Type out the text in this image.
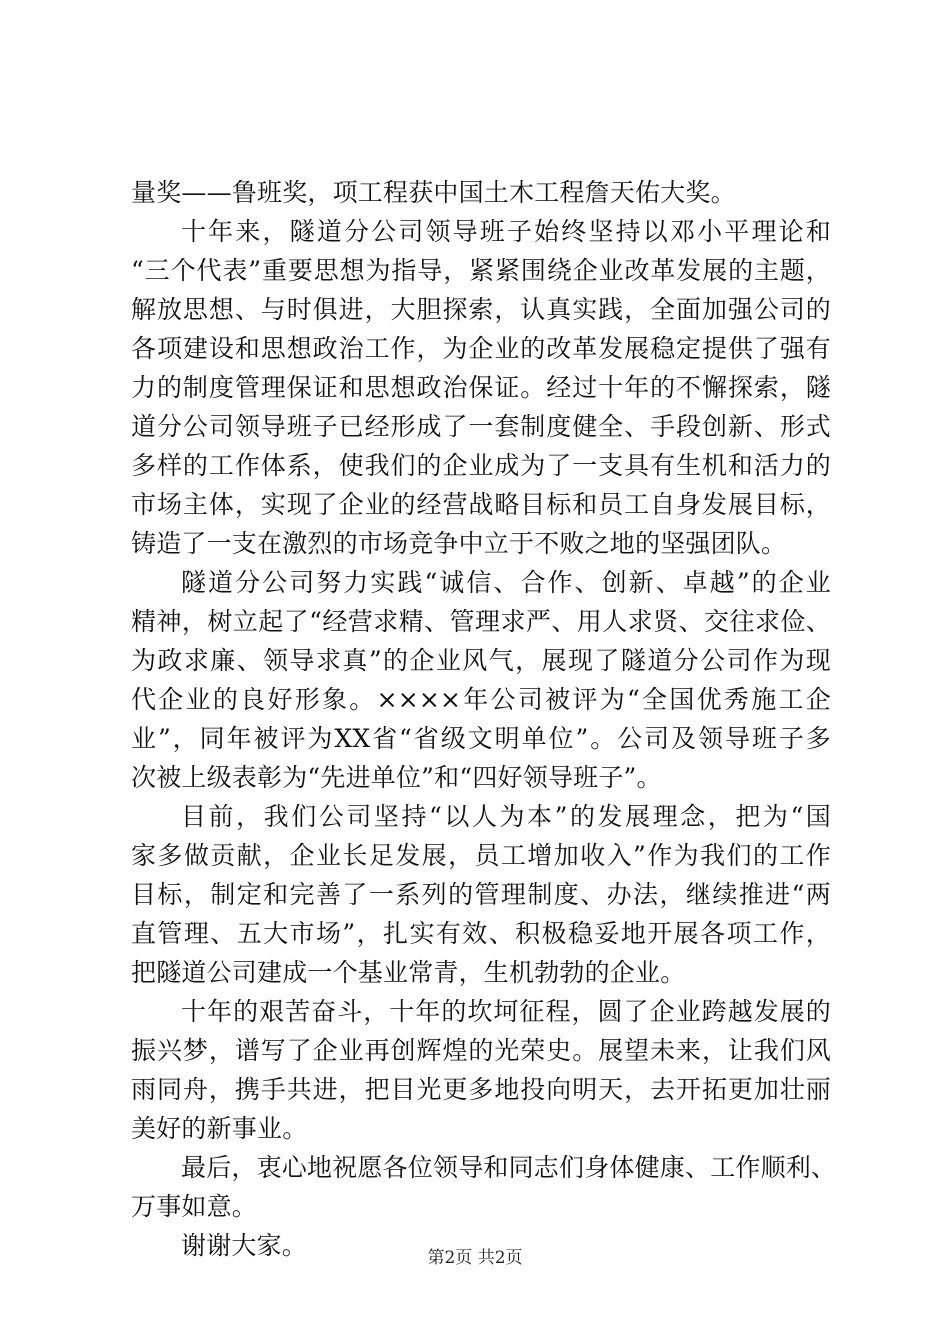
量奖——鲁班奖，项工程获中国土木工程詹天佑大奖。
十年来，隧道分公司领导班子始终坚持以邓小平理论和
“三个代表”重要思想为指导，紧紧围绕企业改革发展的主题，
解放思想、与时俱进，大胆探索，认真实践，全面加强公司的
各项建设和思想政治工作，为企业的改革发展稳定提供了强有
力的制度管理保证和思想政治保证。经过十年的不懈探索，隧
道分公司领导班子已经形成了一套制度健全、手段创新、形式
多样的工作体系，使我们的企业成为了一支具有生机和活力的
市场主体，实现了企业的经营战略目标和员工自身发展目标，
铸造了一支在激烈的市场竞争中立于不败之地的坚强团队。
隧道分公司努力实践“诚信、合作、创新、卓越”的企业
精神，树立起了“经营求精、管理求严、用人求贤、交往求俭、
为政求廉、领导求真”的企业风气，展现了隧道分公司作为现
代企业的良好形象。××××年公司被评为“全国优秀施工企
业”，同年被评为XX省“省级文明单位”。公司及领导班子多
次被上级表彰为“先进单位”和“四好领导班子”。
目前，我们公司坚持“以人为本”的发展理念，把为“国
家多做贡献，企业长足发展，员工增加收入”作为我们的工作
目标，制定和完善了一系列的管理制度、办法，继续推进“两
直管理、五大市场”，扎实有效、积极稳妥地开展各项工作，
把隧道公司建成一个基业常青，生机勃勃的企业。
十年的艰苦奋斗，十年的坎坷征程，圆了企业跨越发展的
振兴梦，谱写了企业再创辉煌的光荣史。展望未来，让我们风
雨同舟，携手共进，把目光更多地投向明天，去开拓更加壮丽
美好的新事业。
最后，衷心地祝愿各位领导和同志们身体健康、工作顺利、
万事如意。
谢谢大家。	第2页 共2页
